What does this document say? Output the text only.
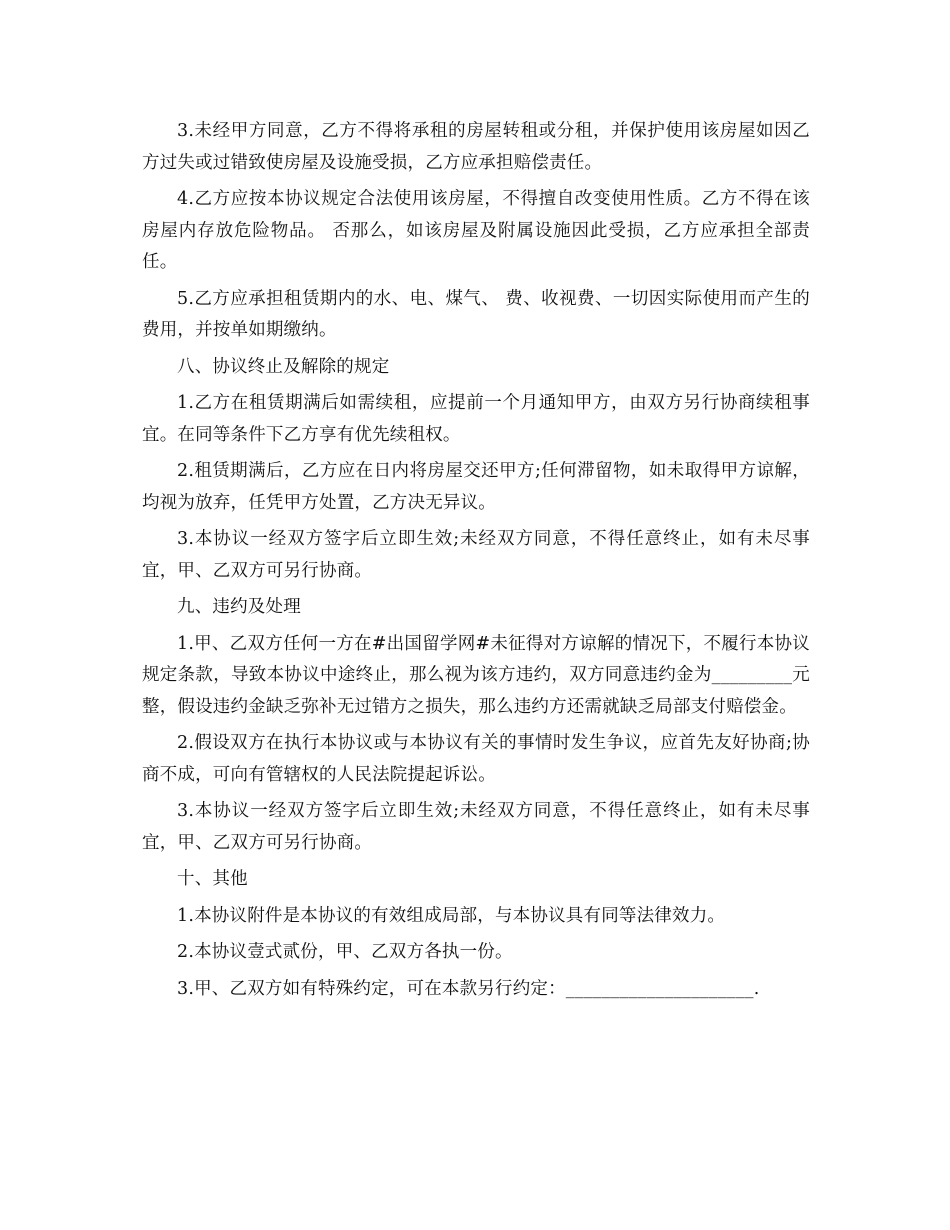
3.未经甲方同意，乙方不得将承租的房屋转租或分租，并保护使用该房屋如因乙方过失或过错致使房屋及设施受损，乙方应承担赔偿责任。

4.乙方应按本协议规定合法使用该房屋，不得擅自改变使用性质。乙方不得在该房屋内存放危险物品。 否那么，如该房屋及附属设施因此受损，乙方应承担全部责任。

5.乙方应承担租赁期内的水、电、煤气、 费、收视费、一切因实际使用而产生的费用，并按单如期缴纳。

八、协议终止及解除的规定

1.乙方在租赁期满后如需续租，应提前一个月通知甲方，由双方另行协商续租事宜。在同等条件下乙方享有优先续租权。

2.租赁期满后，乙方应在日内将房屋交还甲方;任何滞留物，如未取得甲方谅解，均视为放弃，任凭甲方处置，乙方决无异议。

3.本协议一经双方签字后立即生效;未经双方同意，不得任意终止，如有未尽事宜，甲、乙双方可另行协商。

九、违约及处理

1.甲、乙双方任何一方在#出国留学网#未征得对方谅解的情况下，不履行本协议规定条款，导致本协议中途终止，那么视为该方违约，双方同意违约金为_________元整，假设违约金缺乏弥补无过错方之损失，那么违约方还需就缺乏局部支付赔偿金。

2.假设双方在执行本协议或与本协议有关的事情时发生争议，应首先友好协商;协商不成，可向有管辖权的人民法院提起诉讼。

3.本协议一经双方签字后立即生效;未经双方同意，不得任意终止，如有未尽事宜，甲、乙双方可另行协商。

十、其他

1.本协议附件是本协议的有效组成局部，与本协议具有同等法律效力。

2.本协议壹式贰份，甲、乙双方各执一份。

3.甲、乙双方如有特殊约定，可在本款另行约定：_____________________.
